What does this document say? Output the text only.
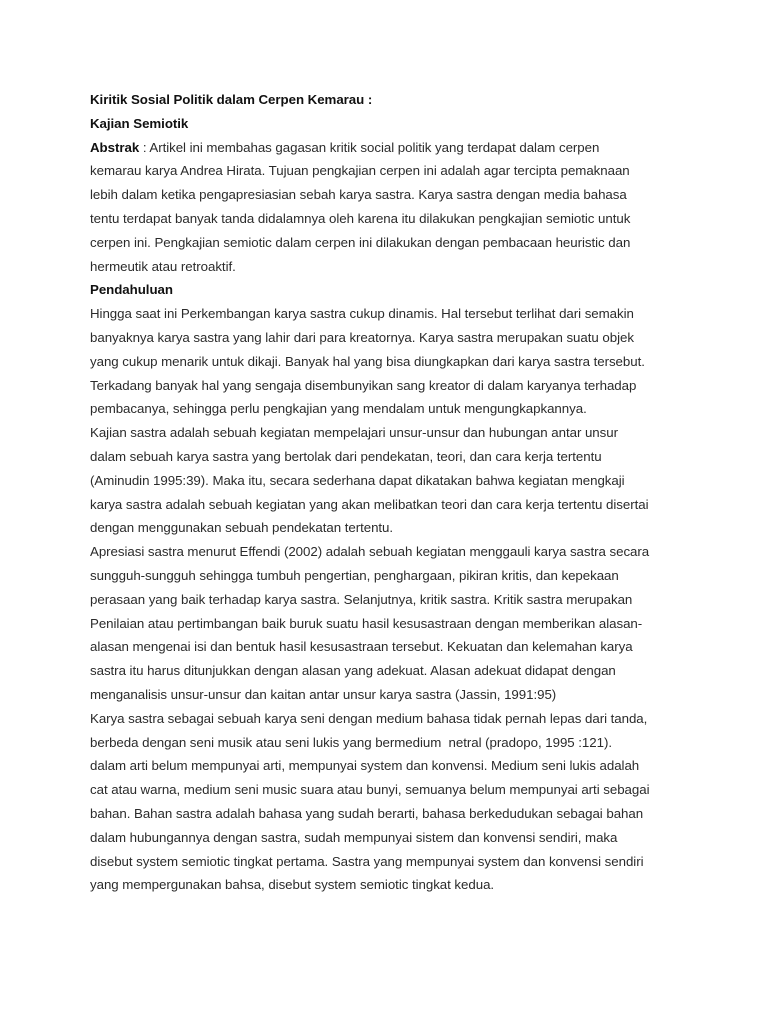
Kiritik Sosial Politik dalam Cerpen Kemarau :
Kajian Semiotik
Abstrak : Artikel ini membahas gagasan kritik social politik yang terdapat dalam cerpen
kemarau karya Andrea Hirata. Tujuan pengkajian cerpen ini adalah agar tercipta pemaknaan
lebih dalam ketika pengapresiasian sebah karya sastra. Karya sastra dengan media bahasa
tentu terdapat banyak tanda didalamnya oleh karena itu dilakukan pengkajian semiotic untuk
cerpen ini. Pengkajian semiotic dalam cerpen ini dilakukan dengan pembacaan heuristic dan
hermeutik atau retroaktif.
Pendahuluan
Hingga saat ini Perkembangan karya sastra cukup dinamis. Hal tersebut terlihat dari semakin
banyaknya karya sastra yang lahir dari para kreatornya. Karya sastra merupakan suatu objek
yang cukup menarik untuk dikaji. Banyak hal yang bisa diungkapkan dari karya sastra tersebut.
Terkadang banyak hal yang sengaja disembunyikan sang kreator di dalam karyanya terhadap
pembacanya, sehingga perlu pengkajian yang mendalam untuk mengungkapkannya.
Kajian sastra adalah sebuah kegiatan mempelajari unsur-unsur dan hubungan antar unsur
dalam sebuah karya sastra yang bertolak dari pendekatan, teori, dan cara kerja tertentu
(Aminudin 1995:39). Maka itu, secara sederhana dapat dikatakan bahwa kegiatan mengkaji
karya sastra adalah sebuah kegiatan yang akan melibatkan teori dan cara kerja tertentu disertai
dengan menggunakan sebuah pendekatan tertentu.
Apresiasi sastra menurut Effendi (2002) adalah sebuah kegiatan menggauli karya sastra secara
sungguh-sungguh sehingga tumbuh pengertian, penghargaan, pikiran kritis, dan kepekaan
perasaan yang baik terhadap karya sastra. Selanjutnya, kritik sastra. Kritik sastra merupakan
Penilaian atau pertimbangan baik buruk suatu hasil kesusastraan dengan memberikan alasan-
alasan mengenai isi dan bentuk hasil kesusastraan tersebut. Kekuatan dan kelemahan karya
sastra itu harus ditunjukkan dengan alasan yang adekuat. Alasan adekuat didapat dengan
menganalisis unsur-unsur dan kaitan antar unsur karya sastra (Jassin, 1991:95)
Karya sastra sebagai sebuah karya seni dengan medium bahasa tidak pernah lepas dari tanda,
berbeda dengan seni musik atau seni lukis yang bermedium  netral (pradopo, 1995 :121).
dalam arti belum mempunyai arti, mempunyai system dan konvensi. Medium seni lukis adalah
cat atau warna, medium seni music suara atau bunyi, semuanya belum mempunyai arti sebagai
bahan. Bahan sastra adalah bahasa yang sudah berarti, bahasa berkedudukan sebagai bahan
dalam hubungannya dengan sastra, sudah mempunyai sistem dan konvensi sendiri, maka
disebut system semiotic tingkat pertama. Sastra yang mempunyai system dan konvensi sendiri
yang mempergunakan bahsa, disebut system semiotic tingkat kedua.
